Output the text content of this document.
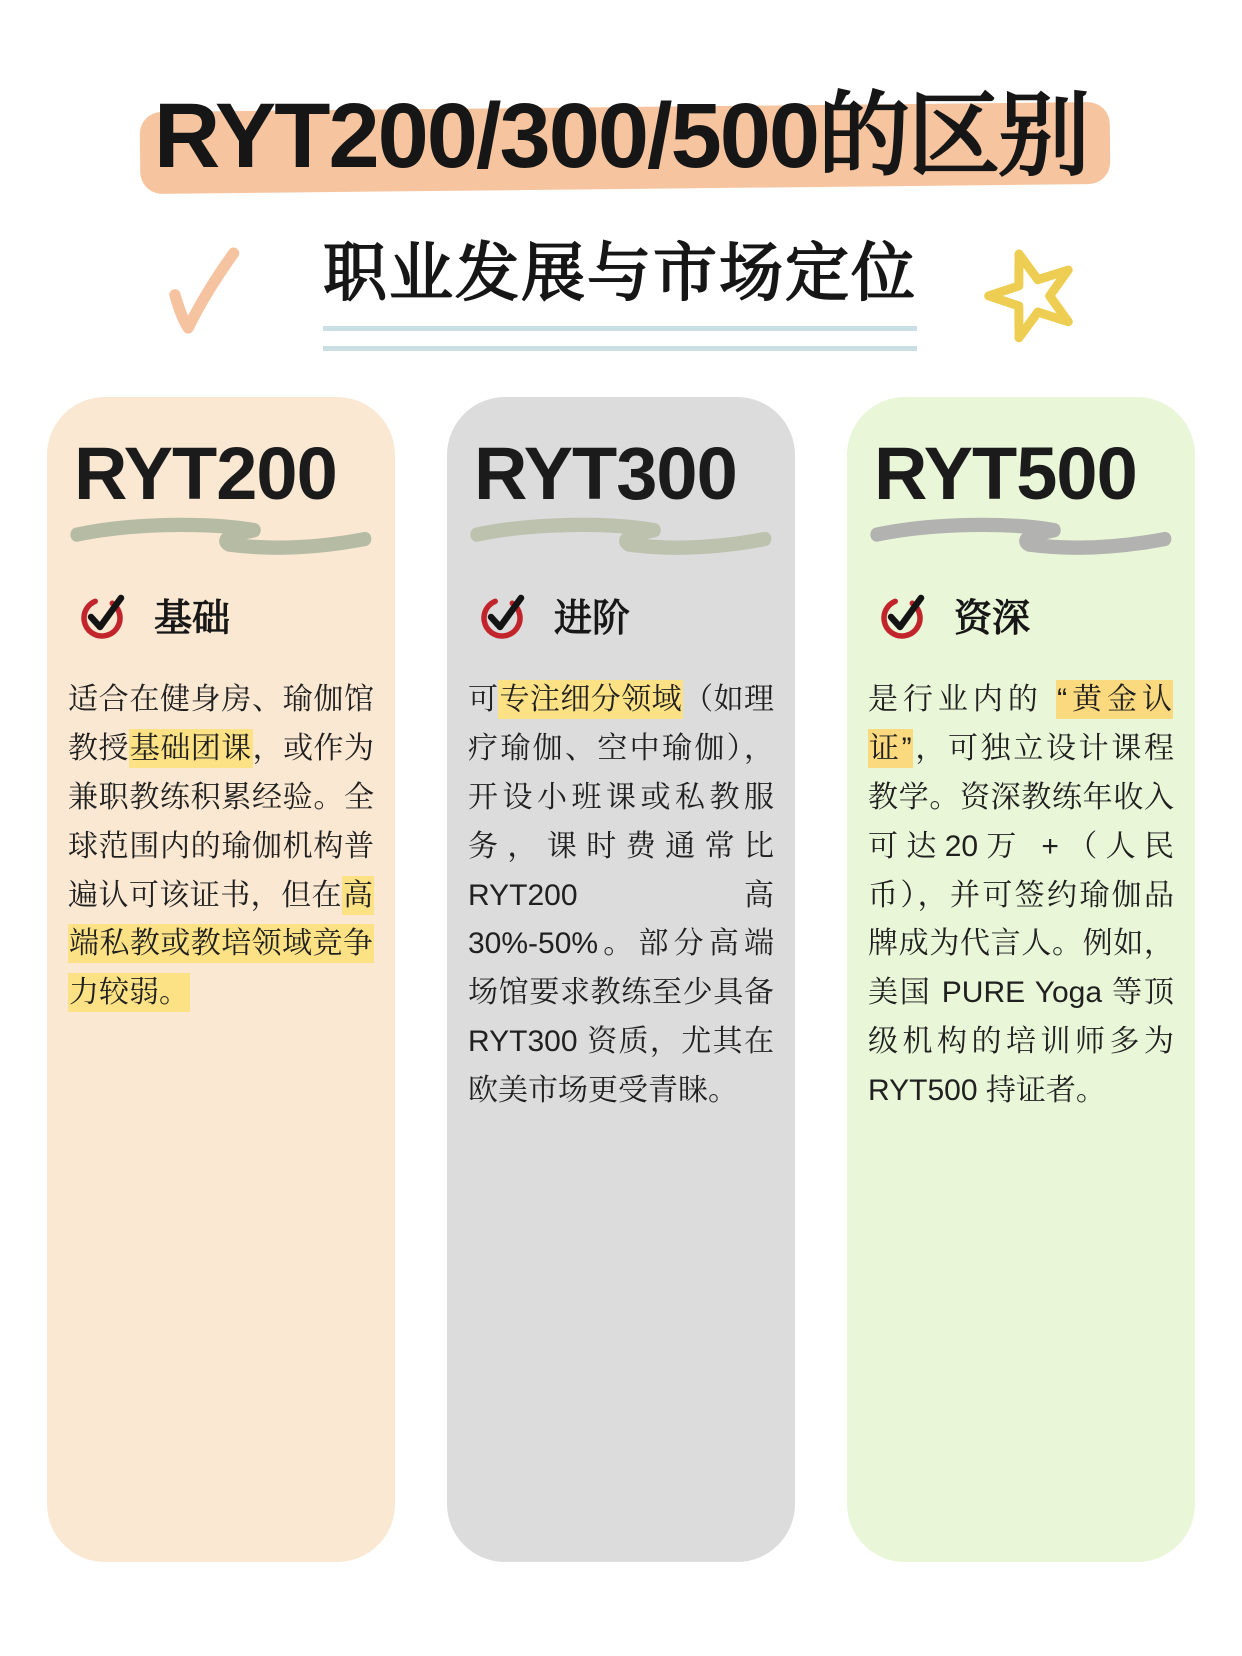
RYT200/300/500的区别
职业发展与市场定位
RYT200
基础

适合在健身房、瑜伽馆教授基础团课，或作为兼职教练积累经验。全球范围内的瑜伽机构普遍认可该证书，但在高端私教或教培领域竞争力较弱。

RYT300
进阶

可专注细分领域（如理疗瑜伽、空中瑜伽），开设小班课或私教服务，课时费通常比 RYT200 高 30%-50%。部分高端场馆要求教练至少具备 RYT300 资质，尤其在欧美市场更受青睐。

RYT500
资深

是行业内的 “黄金认证”，可独立设计课程教学。资深教练年收入可达20万 +（人民币），并可签约瑜伽品牌成为代言人。例如，美国 PURE Yoga 等顶级机构的培训师多为 RYT500 持证者。
